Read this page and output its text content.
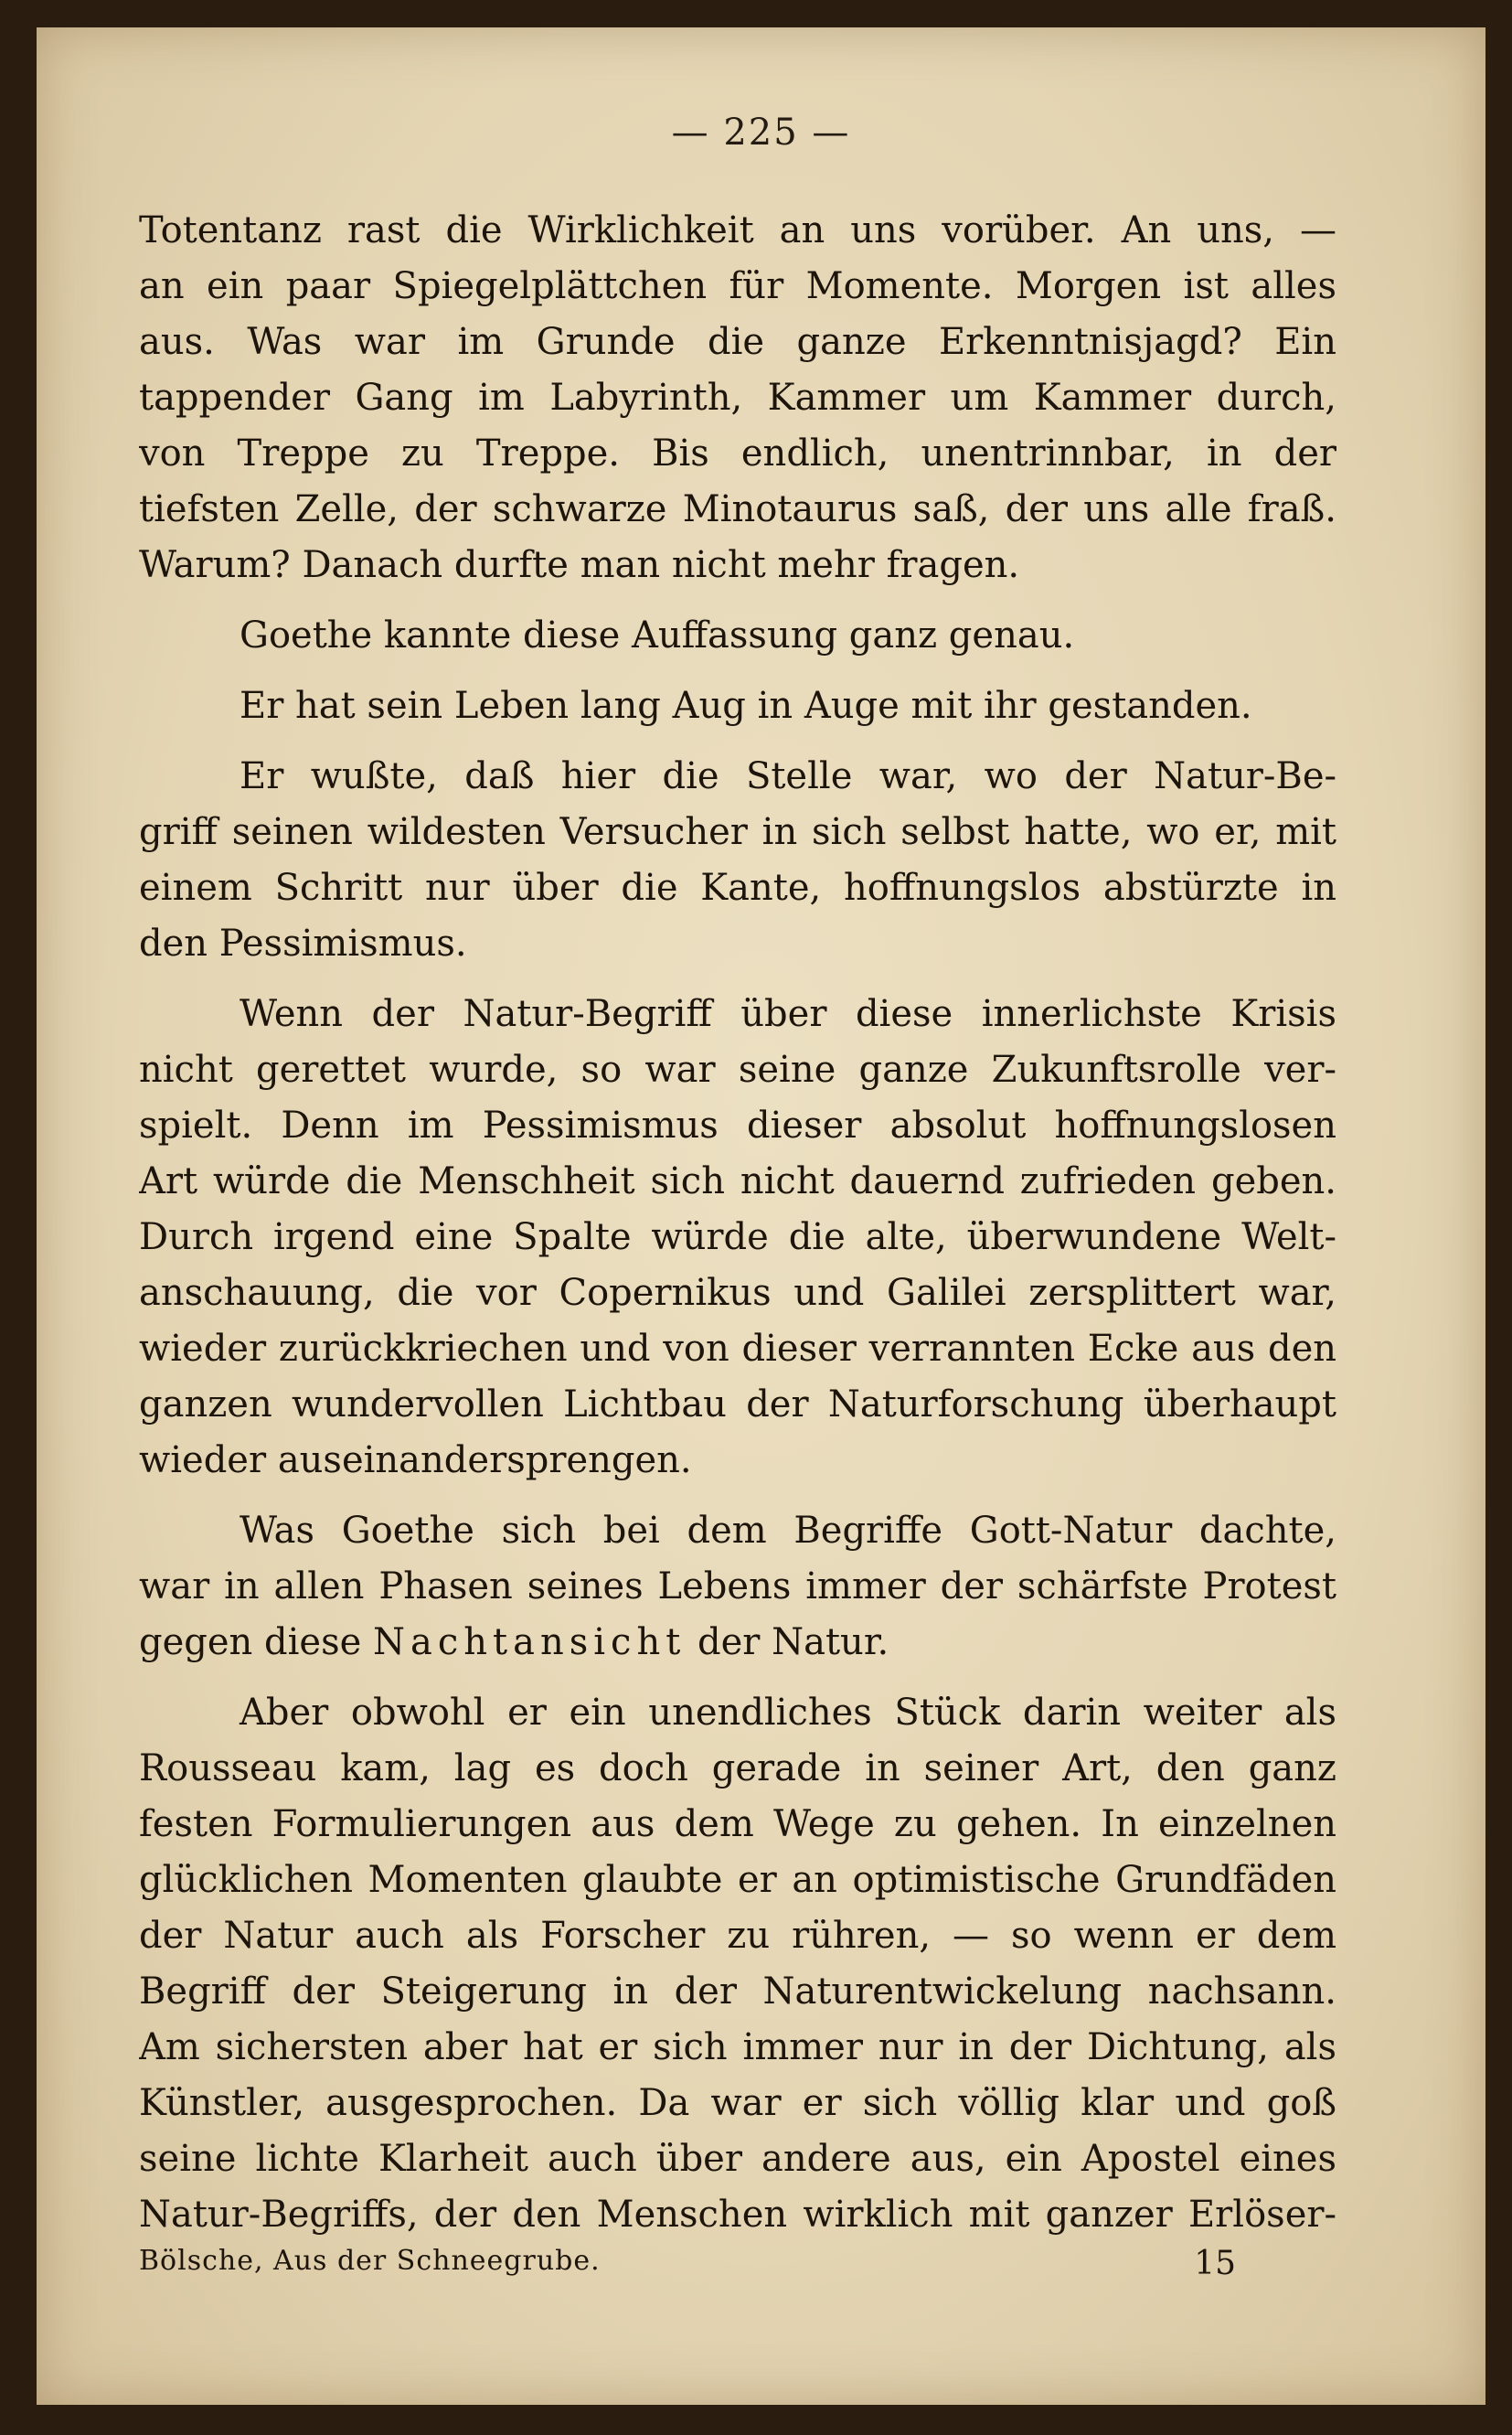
— 225 —
Totentanz rast die Wirklichkeit an uns vorüber. An uns, —
an ein paar Spiegelplättchen für Momente. Morgen ist alles
aus. Was war im Grunde die ganze Erkenntnisjagd? Ein
tappender Gang im Labyrinth, Kammer um Kammer durch,
von Treppe zu Treppe. Bis endlich, unentrinnbar, in der
tiefsten Zelle, der schwarze Minotaurus saß, der uns alle fraß.
Warum? Danach durfte man nicht mehr fragen.
Goethe kannte diese Auffassung ganz genau.
Er hat sein Leben lang Aug in Auge mit ihr gestanden.
Er wußte, daß hier die Stelle war, wo der Natur-Be-
griff seinen wildesten Versucher in sich selbst hatte, wo er, mit
einem Schritt nur über die Kante, hoffnungslos abstürzte in
den Pessimismus.
Wenn der Natur-Begriff über diese innerlichste Krisis
nicht gerettet wurde, so war seine ganze Zukunftsrolle ver-
spielt. Denn im Pessimismus dieser absolut hoffnungslosen
Art würde die Menschheit sich nicht dauernd zufrieden geben.
Durch irgend eine Spalte würde die alte, überwundene Welt-
anschauung, die vor Copernikus und Galilei zersplittert war,
wieder zurückkriechen und von dieser verrannten Ecke aus den
ganzen wundervollen Lichtbau der Naturforschung überhaupt
wieder auseinandersprengen.
Was Goethe sich bei dem Begriffe Gott-Natur dachte,
war in allen Phasen seines Lebens immer der schärfste Protest
gegen diese Nachtansicht der Natur.
Aber obwohl er ein unendliches Stück darin weiter als
Rousseau kam, lag es doch gerade in seiner Art, den ganz
festen Formulierungen aus dem Wege zu gehen. In einzelnen
glücklichen Momenten glaubte er an optimistische Grundfäden
der Natur auch als Forscher zu rühren, — so wenn er dem
Begriff der Steigerung in der Naturentwickelung nachsann.
Am sichersten aber hat er sich immer nur in der Dichtung, als
Künstler, ausgesprochen. Da war er sich völlig klar und goß
seine lichte Klarheit auch über andere aus, ein Apostel eines
Natur-Begriffs, der den Menschen wirklich mit ganzer Erlöser-
Bölsche, Aus der Schneegrube.	15
